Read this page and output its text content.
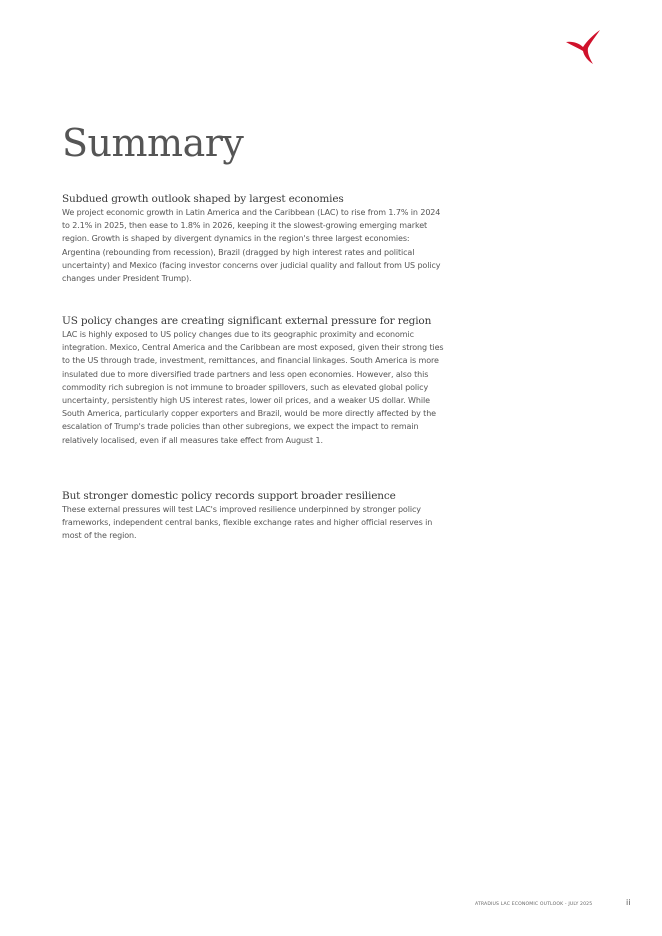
Summary
Subdued growth outlook shaped by largest economies

We project economic growth in Latin America and the Caribbean (LAC) to rise from 1.7% in 2024 to 2.1% in 2025, then ease to 1.8% in 2026, keeping it the slowest-growing emerging market region. Growth is shaped by divergent dynamics in the region's three largest economies: Argentina (rebounding from recession), Brazil (dragged by high interest rates and political uncertainty) and Mexico (facing investor concerns over judicial quality and fallout from US policy changes under President Trump).

US policy changes are creating significant external pressure for region

LAC is highly exposed to US policy changes due to its geographic proximity and economic integration. Mexico, Central America and the Caribbean are most exposed, given their strong ties to the US through trade, investment, remittances, and financial linkages. South America is more insulated due to more diversified trade partners and less open economies. However, also this commodity rich subregion is not immune to broader spillovers, such as elevated global policy uncertainty, persistently high US interest rates, lower oil prices, and a weaker US dollar. While South America, particularly copper exporters and Brazil, would be more directly affected by the escalation of Trump's trade policies than other subregions, we expect the impact to remain relatively localised, even if all measures take effect from August 1.

But stronger domestic policy records support broader resilience

These external pressures will test LAC's improved resilience underpinned by stronger policy frameworks, independent central banks, flexible exchange rates and higher official reserves in most of the region.

ATRADIUS LAC ECONOMIC OUTLOOK - JULY 2025	ii
